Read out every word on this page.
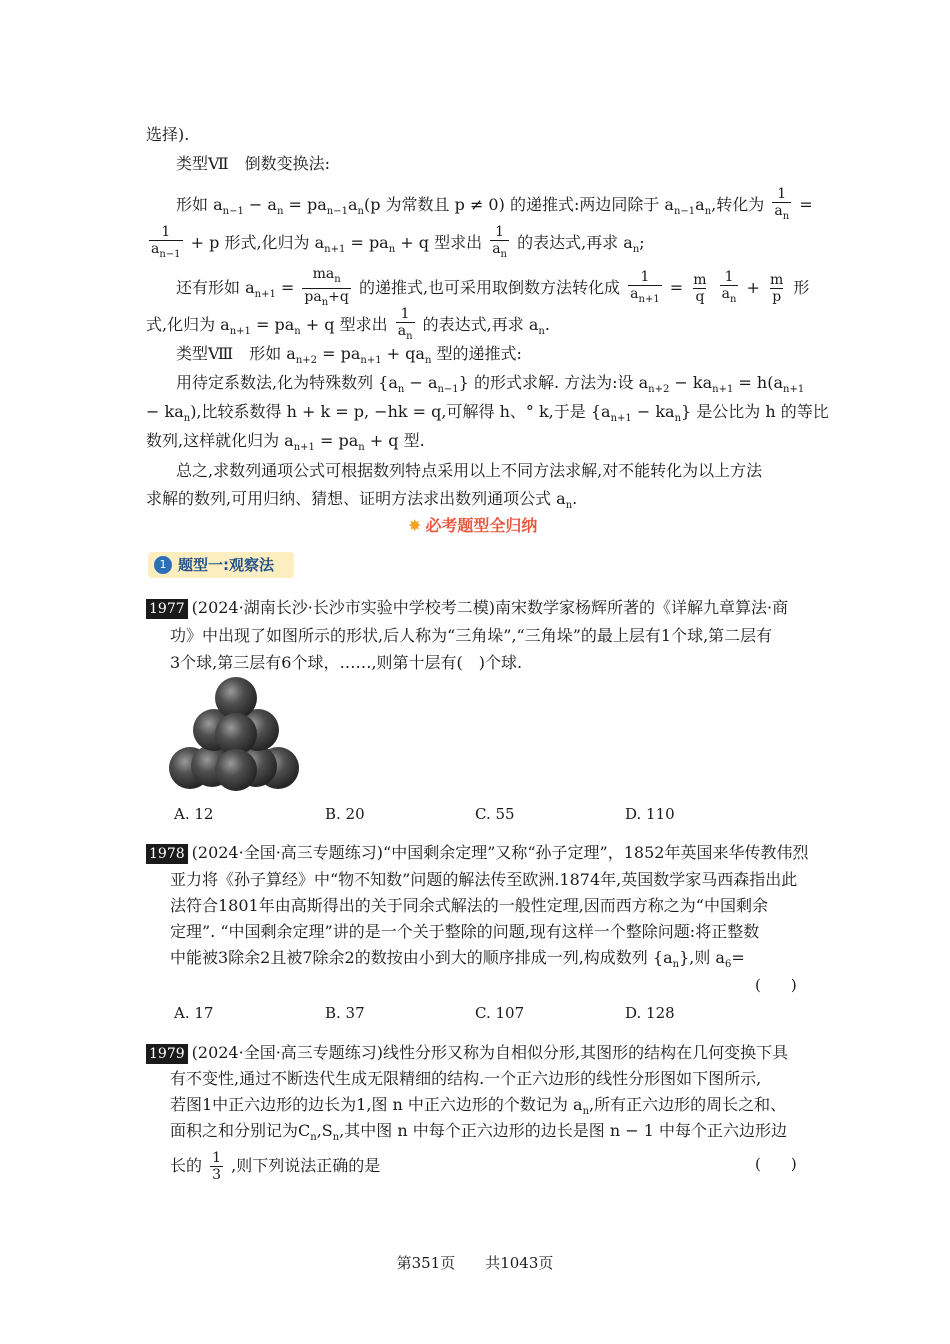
选择).
类型Ⅶ　倒数变换法:
形如 $a_{n-1} - a_n = pa_{n-1}a_n(p$ 为常数且 p ≠ 0) 的递推式:两边同除于 $a_{n-1}a_n$,转化为 $\frac{1}{a_n}$ =
$\frac{1}{a_{n-1}} + p$ 形式,化归为 $a_{n+1} = pa_n + q$ 型求出 $\frac{1}{a_n}$ 的表达式,再求 $a_n$;
还有形如 $a_{n+1} = \frac{ma_n}{pa_n+q}$ 的递推式,也可采用取倒数方法转化成 $\frac{1}{a_{n+1}} = \frac{m}{q}$
$\frac{1}{a_n} + \frac{m}{p}$ 形
式,化归为 $a_{n+1} = pa_n + q$ 型求出 $\frac{1}{a_n}$ 的表达式,再求 $a_n$.
类型Ⅷ　形如 $a_{n+2} = pa_{n+1} + qa_n$ 型的递推式:
用待定系数法,化为特殊数列 $\{a_n - a_{n-1}\}$ 的形式求解. 方法为:设 $a_{n+2} - ka_{n+1} = h(a_{n+1}$
− $ka_n$),比较系数得 h + k = p, −hk = q,可解得 h、° k,于是 $\{a_{n+1} - ka_n\}$ 是公比为 h 的等比
数列,这样就化归为 $a_{n+1} = pa_n + q$ 型.
总之,求数列通项公式可根据数列特点采用以上不同方法求解,对不能转化为以上方法
求解的数列,可用归纳、猜想、证明方法求出数列通项公式 $a_n$.
✸ 必考题型全归纳
1 题型一:观察法
1977 (2024·湖南长沙·长沙市实验中学校考二模)南宋数学家杨辉所著的《详解九章算法·商
功》中出现了如图所示的形状,后人称为“三角垛”,“三角垛”的最上层有1个球,第二层有
3个球,第三层有6个球，……,则第十层有(　)个球.
A. 12	B. 20	C. 55	D. 110
1978 (2024·全国·高三专题练习)“中国剩余定理”又称“孙子定理”，1852年英国来华传教伟烈
亚力将《孙子算经》中“物不知数”问题的解法传至欧洲.1874年,英国数学家马西森指出此
法符合1801年由高斯得出的关于同余式解法的一般性定理,因而西方称之为“中国剩余
定理”. “中国剩余定理”讲的是一个关于整除的问题,现有这样一个整除问题:将正整数
中能被3除余2且被7除余2的数按由小到大的顺序排成一列,构成数列 $\{a_n\}$,则 $a_6=$
(　　)
A. 17	B. 37	C. 107	D. 128
1979 (2024·全国·高三专题练习)线性分形又称为自相似分形,其图形的结构在几何变换下具
有不变性,通过不断迭代生成无限精细的结构.一个正六边形的线性分形图如下图所示,
若图1中正六边形的边长为1,图 n 中正六边形的个数记为 $a_n$,所有正六边形的周长之和、
面积之和分别记为$C_n,S_n$,其中图 n 中每个正六边形的边长是图 n − 1 中每个正六边形边
长的 $\frac{1}{3}$ ,则下列说法正确的是	(　　)
第351页　　共1043页
